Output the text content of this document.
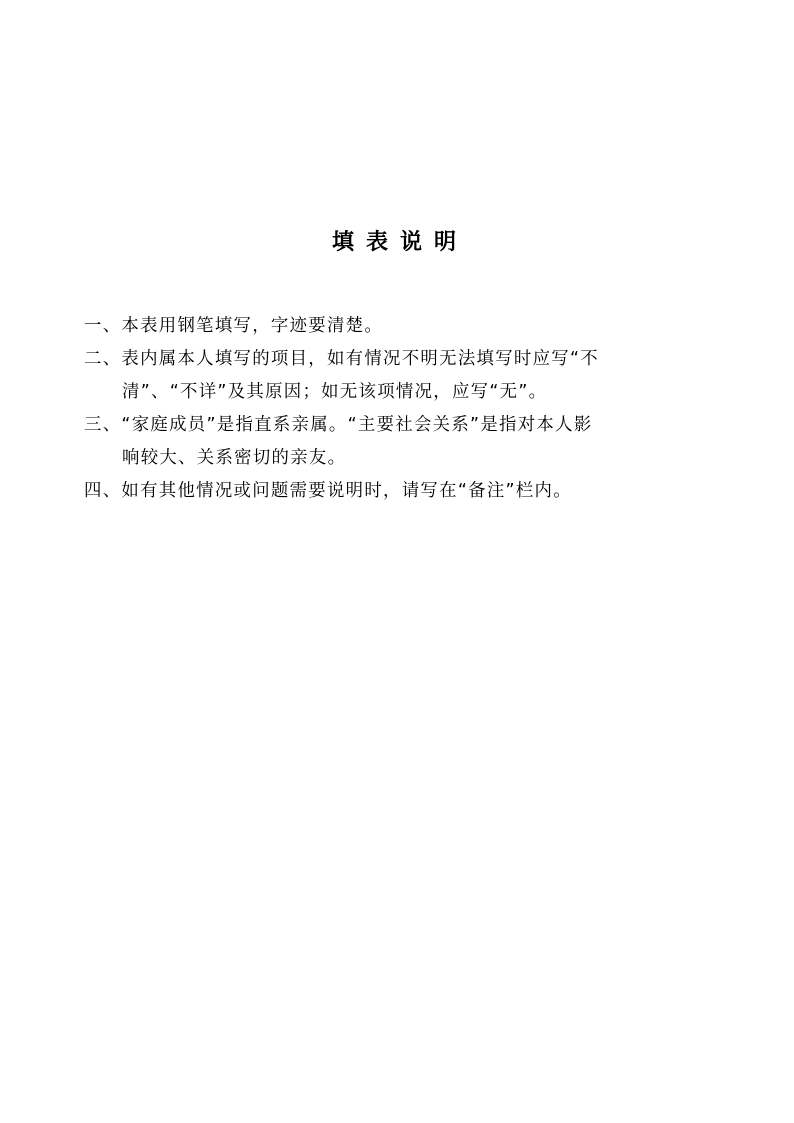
填表说明
一、本表用钢笔填写，字迹要清楚。
二、表内属本人填写的项目，如有情况不明无法填写时应写“不
清”、“不详”及其原因；如无该项情况，应写“无”。
三、“家庭成员”是指直系亲属。“主要社会关系”是指对本人影
响较大、关系密切的亲友。
四、如有其他情况或问题需要说明时，请写在“备注”栏内。
